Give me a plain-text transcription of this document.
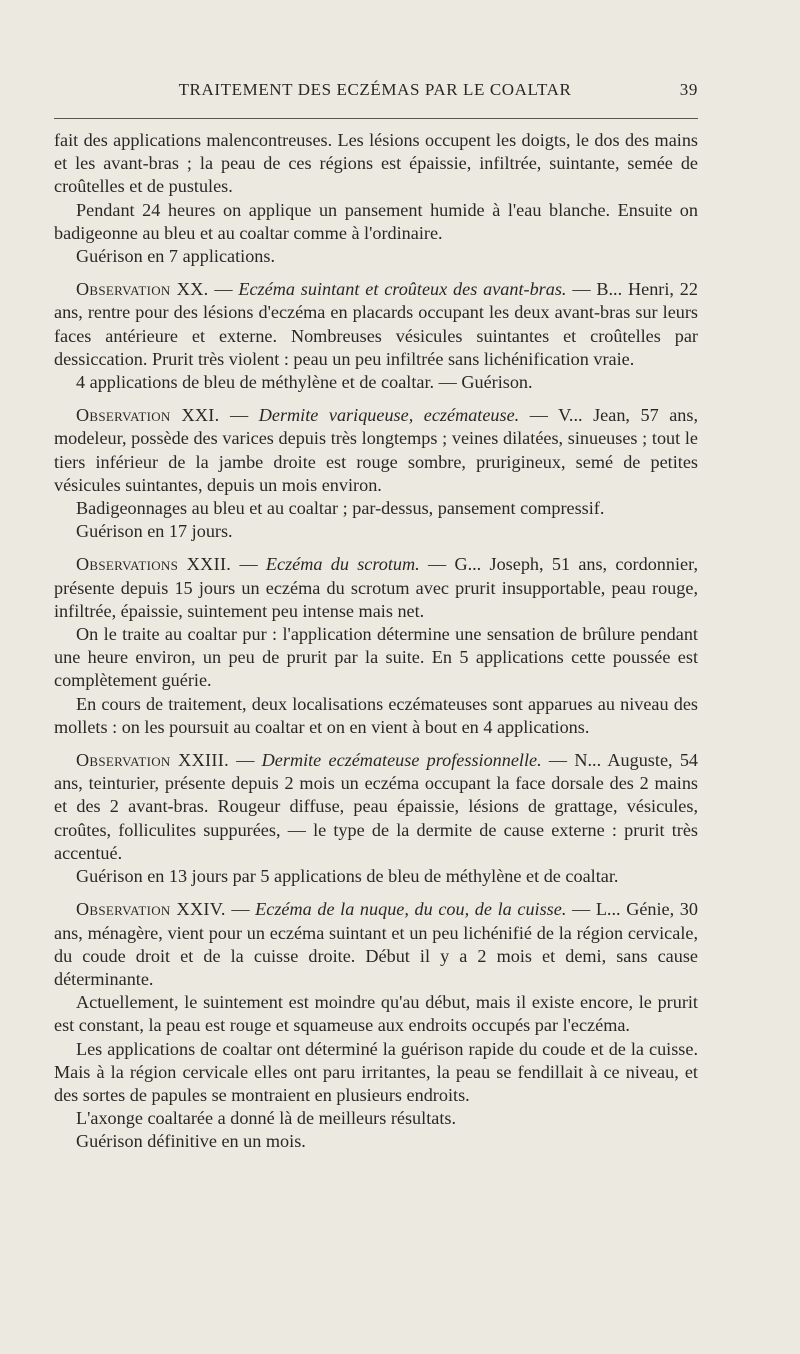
TRAITEMENT DES ECZÉMAS PAR LE COALTAR	39

fait des applications malencontreuses. Les lésions occupent les doigts, le dos des mains et les avant-bras ; la peau de ces régions est épaissie, infiltrée, suintante, semée de croûtelles et de pustules.

Pendant 24 heures on applique un pansement humide à l'eau blanche. Ensuite on badigeonne au bleu et au coaltar comme à l'ordinaire.

Guérison en 7 applications.

Observation XX. — Eczéma suintant et croûteux des avant-bras. — B... Henri, 22 ans, rentre pour des lésions d'eczéma en placards occupant les deux avant-bras sur leurs faces antérieure et externe. Nombreuses vésicules suintantes et croûtelles par dessiccation. Prurit très violent : peau un peu infiltrée sans lichénification vraie.

4 applications de bleu de méthylène et de coaltar. — Guérison.

Observation XXI. — Dermite variqueuse, eczémateuse. — V... Jean, 57 ans, modeleur, possède des varices depuis très longtemps ; veines dilatées, sinueuses ; tout le tiers inférieur de la jambe droite est rouge sombre, prurigineux, semé de petites vésicules suintantes, depuis un mois environ.

Badigeonnages au bleu et au coaltar ; par-dessus, pansement compressif.

Guérison en 17 jours.

Observations XXII. — Eczéma du scrotum. — G... Joseph, 51 ans, cordonnier, présente depuis 15 jours un eczéma du scrotum avec prurit insupportable, peau rouge, infiltrée, épaissie, suintement peu intense mais net.

On le traite au coaltar pur : l'application détermine une sensation de brûlure pendant une heure environ, un peu de prurit par la suite. En 5 applications cette poussée est complètement guérie.

En cours de traitement, deux localisations eczémateuses sont apparues au niveau des mollets : on les poursuit au coaltar et on en vient à bout en 4 applications.

Observation XXIII. — Dermite eczémateuse professionnelle. — N... Auguste, 54 ans, teinturier, présente depuis 2 mois un eczéma occupant la face dorsale des 2 mains et des 2 avant-bras. Rougeur diffuse, peau épaissie, lésions de grattage, vésicules, croûtes, folliculites suppurées, — le type de la dermite de cause externe : prurit très accentué.

Guérison en 13 jours par 5 applications de bleu de méthylène et de coaltar.

Observation XXIV. — Eczéma de la nuque, du cou, de la cuisse. — L... Génie, 30 ans, ménagère, vient pour un eczéma suintant et un peu lichénifié de la région cervicale, du coude droit et de la cuisse droite. Début il y a 2 mois et demi, sans cause déterminante.

Actuellement, le suintement est moindre qu'au début, mais il existe encore, le prurit est constant, la peau est rouge et squameuse aux endroits occupés par l'eczéma.

Les applications de coaltar ont déterminé la guérison rapide du coude et de la cuisse. Mais à la région cervicale elles ont paru irritantes, la peau se fendillait à ce niveau, et des sortes de papules se montraient en plusieurs endroits.

L'axonge coaltarée a donné là de meilleurs résultats.

Guérison définitive en un mois.
